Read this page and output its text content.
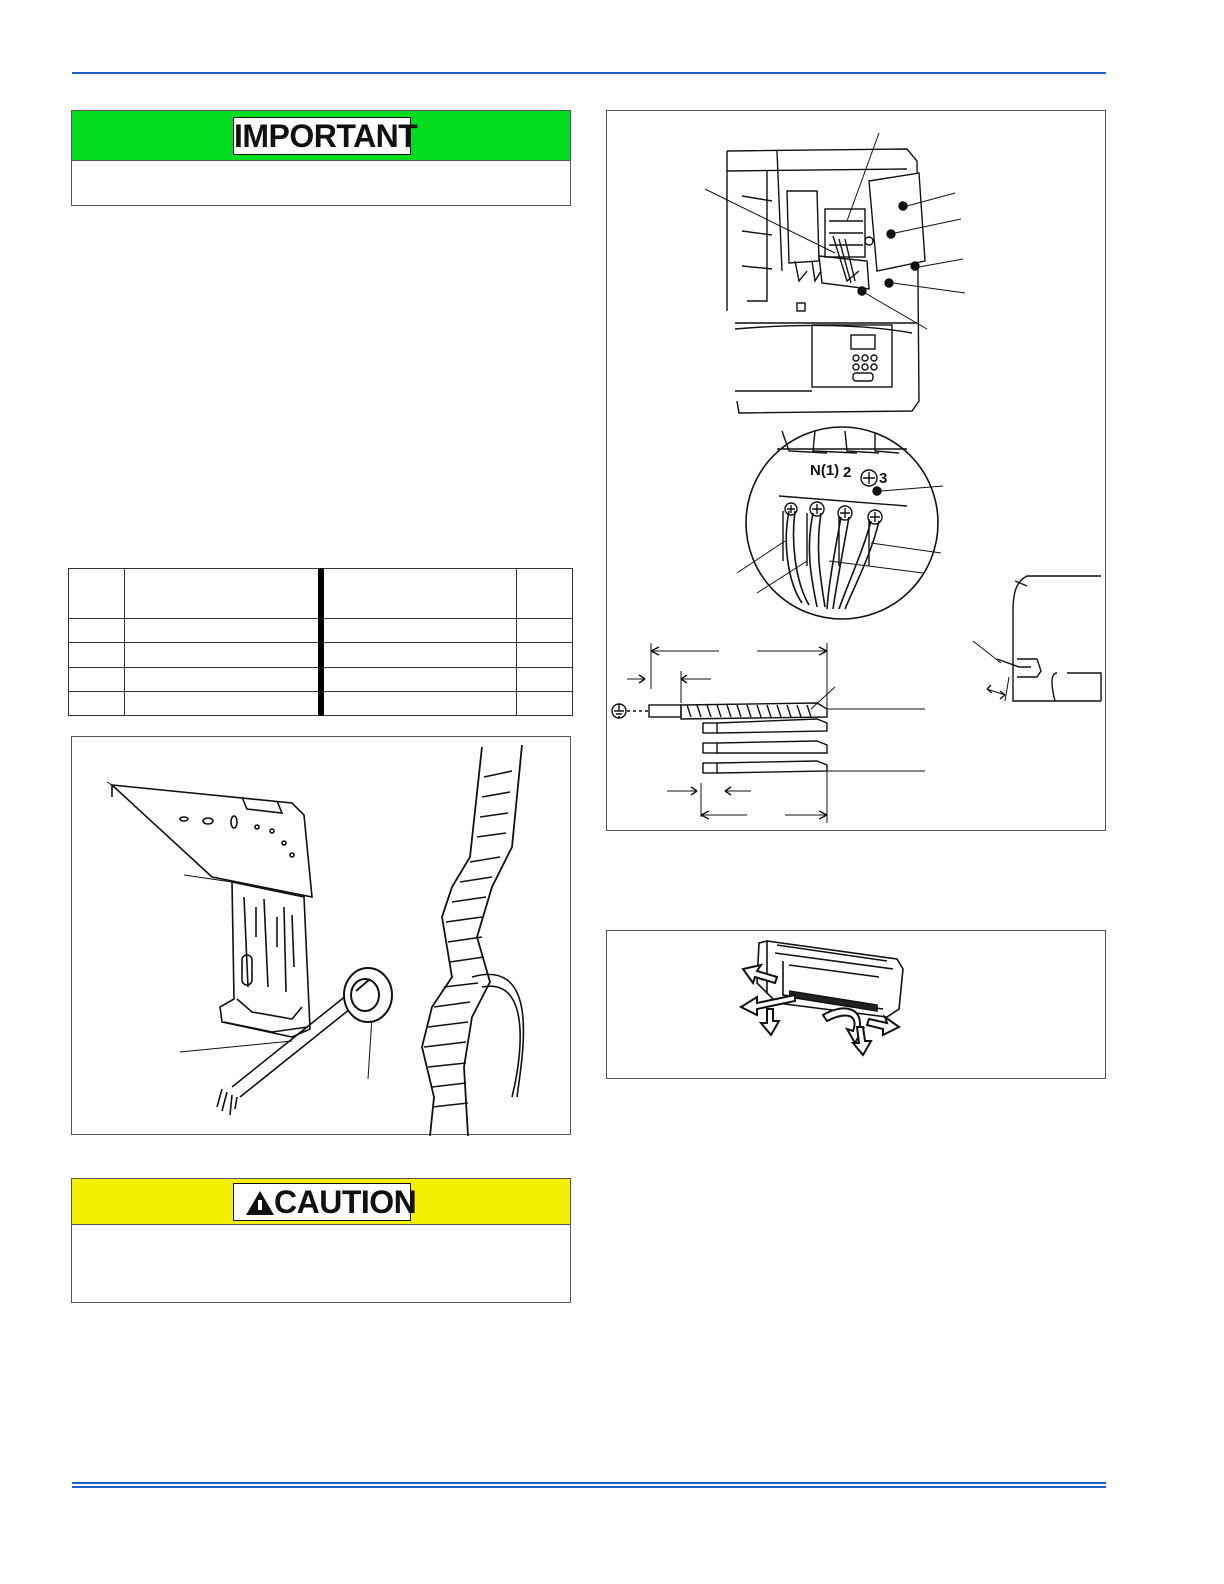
IMPORTANT

CAUTION
N(1) 2 3
